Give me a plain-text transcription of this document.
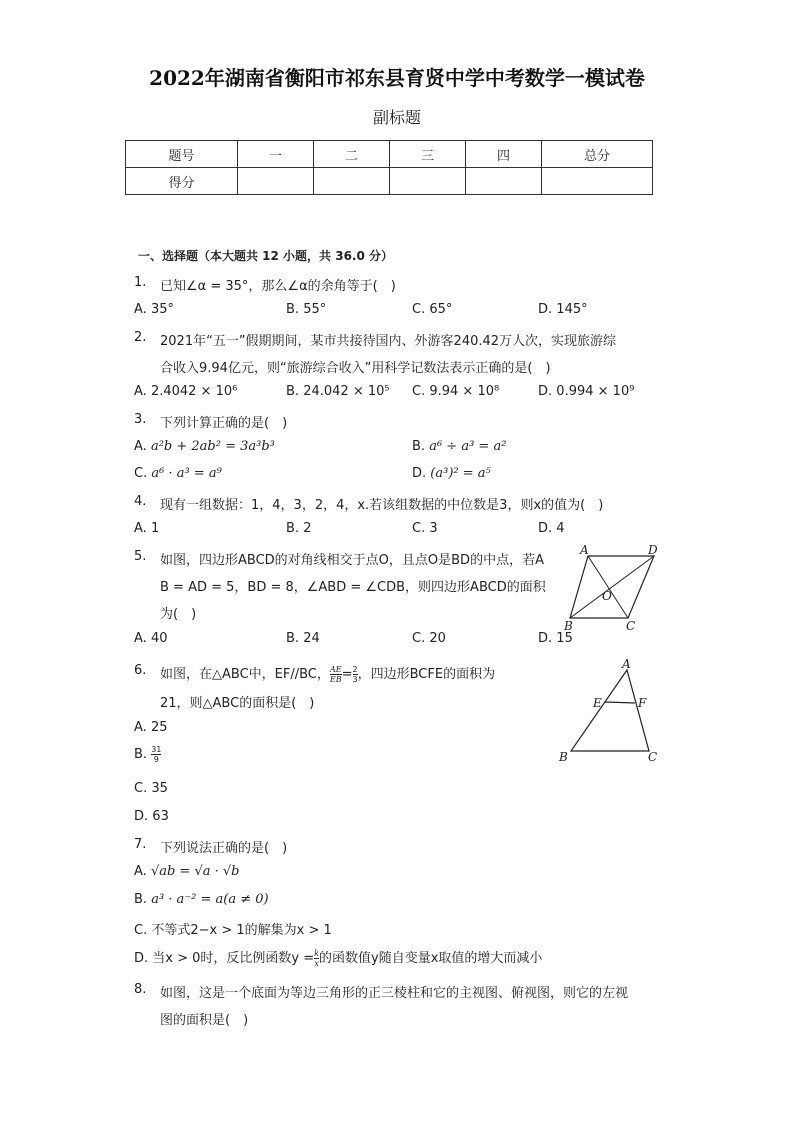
2022年湖南省衡阳市祁东县育贤中学中考数学一模试卷
副标题
题号	一	二	三	四	总分
得分					
一、选择题（本大题共 12 小题，共 36.0 分）
1. 已知∠α = 35°，那么∠α的余角等于(　)
A. 35°	B. 55°	C. 65°	D. 145°
2. 2021年“五一”假期期间，某市共接待国内、外游客240.42万人次，实现旅游综
合收入9.94亿元，则“旅游综合收入”用科学记数法表示正确的是(　)
A. 2.4042 × 10⁶	B. 24.042 × 10⁵ C. 9.94 × 10⁸	D. 0.994 × 10⁹
3. 下列计算正确的是(　)
A. a²b + 2ab² = 3a³b³	B. a⁶ ÷ a³ = a²
C. a⁶ · a³ = a⁹	D. (a³)² = a⁵
4. 现有一组数据：1，4，3，2，4，x.若该组数据的中位数是3，则x的值为(　)
A. 1	B. 2	C. 3	D. 4
5. 如图，四边形ABCD的对角线相交于点O，且点O是BD的中点，若A
B = AD = 5，BD = 8，∠ABD = ∠CDB，则四边形ABCD的面积
为(　)
A. 40	B. 24	C. 20	D. 15
A	D
B	C
O
6. 如图，在△ABC中，EF//BC， $\frac{AE}{EB} = \frac{2}{3}$ ，四边形BCFE的面积为
21，则△ABC的面积是(　)
A. 25
B. $\frac{31}{9}$
C. 35
D. 63
A
E	F
B	C
7. 下列说法正确的是(　)
A. √ab = √a · √b
B. a³ · a⁻² = a(a ≠ 0)
C. 不等式2−x > 1的解集为x > 1
D. 当x > 0时，反比例函数$y = \frac{k}{x}$ 的函数值y随自变量x取值的增大而减小
8. 如图，这是一个底面为等边三角形的正三棱柱和它的主视图、俯视图，则它的左视
图的面积是(　)
